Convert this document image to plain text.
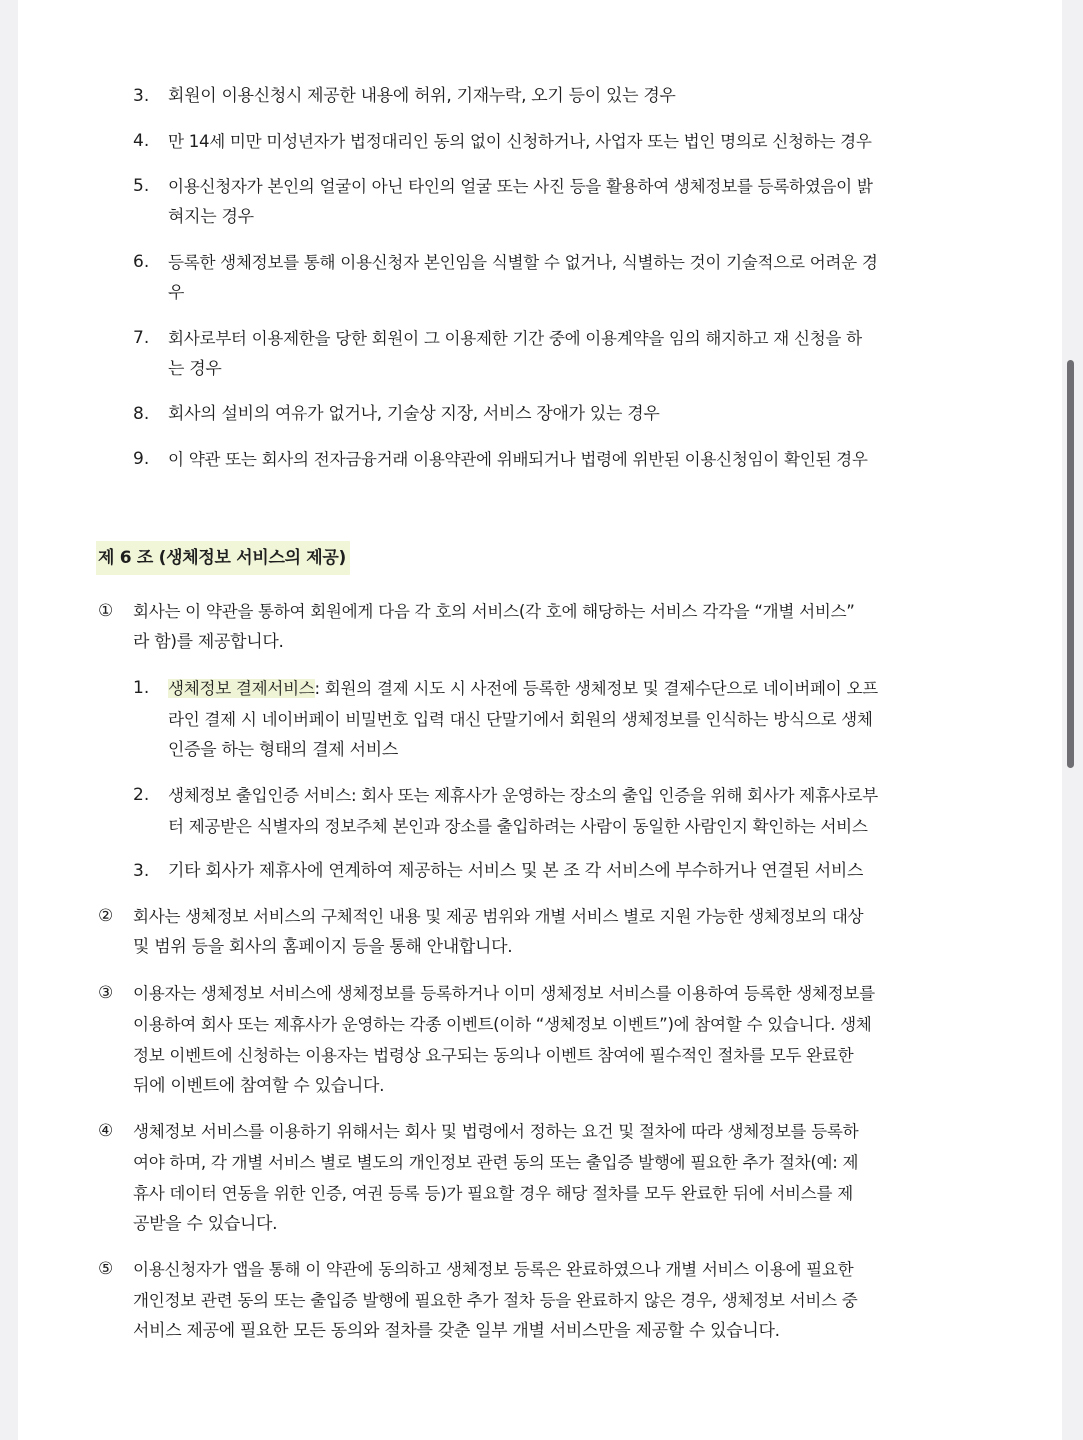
3. 회원이 이용신청시 제공한 내용에 허위, 기재누락, 오기 등이 있는 경우
4. 만 14세 미만 미성년자가 법정대리인 동의 없이 신청하거나, 사업자 또는 법인 명의로 신청하는 경우
5. 이용신청자가 본인의 얼굴이 아닌 타인의 얼굴 또는 사진 등을 활용하여 생체정보를 등록하였음이 밝
혀지는 경우
6. 등록한 생체정보를 통해 이용신청자 본인임을 식별할 수 없거나, 식별하는 것이 기술적으로 어려운 경
우
7. 회사로부터 이용제한을 당한 회원이 그 이용제한 기간 중에 이용계약을 임의 해지하고 재 신청을 하
는 경우
8. 회사의 설비의 여유가 없거나, 기술상 지장, 서비스 장애가 있는 경우
9. 이 약관 또는 회사의 전자금융거래 이용약관에 위배되거나 법령에 위반된 이용신청임이 확인된 경우
제 6 조 (생체정보 서비스의 제공)
① 회사는 이 약관을 통하여 회원에게 다음 각 호의 서비스(각 호에 해당하는 서비스 각각을 “개별 서비스”
라 함)를 제공합니다.
1. 생체정보 결제서비스: 회원의 결제 시도 시 사전에 등록한 생체정보 및 결제수단으로 네이버페이 오프
라인 결제 시 네이버페이 비밀번호 입력 대신 단말기에서 회원의 생체정보를 인식하는 방식으로 생체
인증을 하는 형태의 결제 서비스
2. 생체정보 출입인증 서비스: 회사 또는 제휴사가 운영하는 장소의 출입 인증을 위해 회사가 제휴사로부
터 제공받은 식별자의 정보주체 본인과 장소를 출입하려는 사람이 동일한 사람인지 확인하는 서비스
3. 기타 회사가 제휴사에 연계하여 제공하는 서비스 및 본 조 각 서비스에 부수하거나 연결된 서비스
② 회사는 생체정보 서비스의 구체적인 내용 및 제공 범위와 개별 서비스 별로 지원 가능한 생체정보의 대상
및 범위 등을 회사의 홈페이지 등을 통해 안내합니다.
③ 이용자는 생체정보 서비스에 생체정보를 등록하거나 이미 생체정보 서비스를 이용하여 등록한 생체정보를
이용하여 회사 또는 제휴사가 운영하는 각종 이벤트(이하 “생체정보 이벤트”)에 참여할 수 있습니다. 생체
정보 이벤트에 신청하는 이용자는 법령상 요구되는 동의나 이벤트 참여에 필수적인 절차를 모두 완료한
뒤에 이벤트에 참여할 수 있습니다.
④ 생체정보 서비스를 이용하기 위해서는 회사 및 법령에서 정하는 요건 및 절차에 따라 생체정보를 등록하
여야 하며, 각 개별 서비스 별로 별도의 개인정보 관련 동의 또는 출입증 발행에 필요한 추가 절차(예: 제
휴사 데이터 연동을 위한 인증, 여권 등록 등)가 필요할 경우 해당 절차를 모두 완료한 뒤에 서비스를 제
공받을 수 있습니다.
⑤ 이용신청자가 앱을 통해 이 약관에 동의하고 생체정보 등록은 완료하였으나 개별 서비스 이용에 필요한
개인정보 관련 동의 또는 출입증 발행에 필요한 추가 절차 등을 완료하지 않은 경우, 생체정보 서비스 중
서비스 제공에 필요한 모든 동의와 절차를 갖춘 일부 개별 서비스만을 제공할 수 있습니다.
